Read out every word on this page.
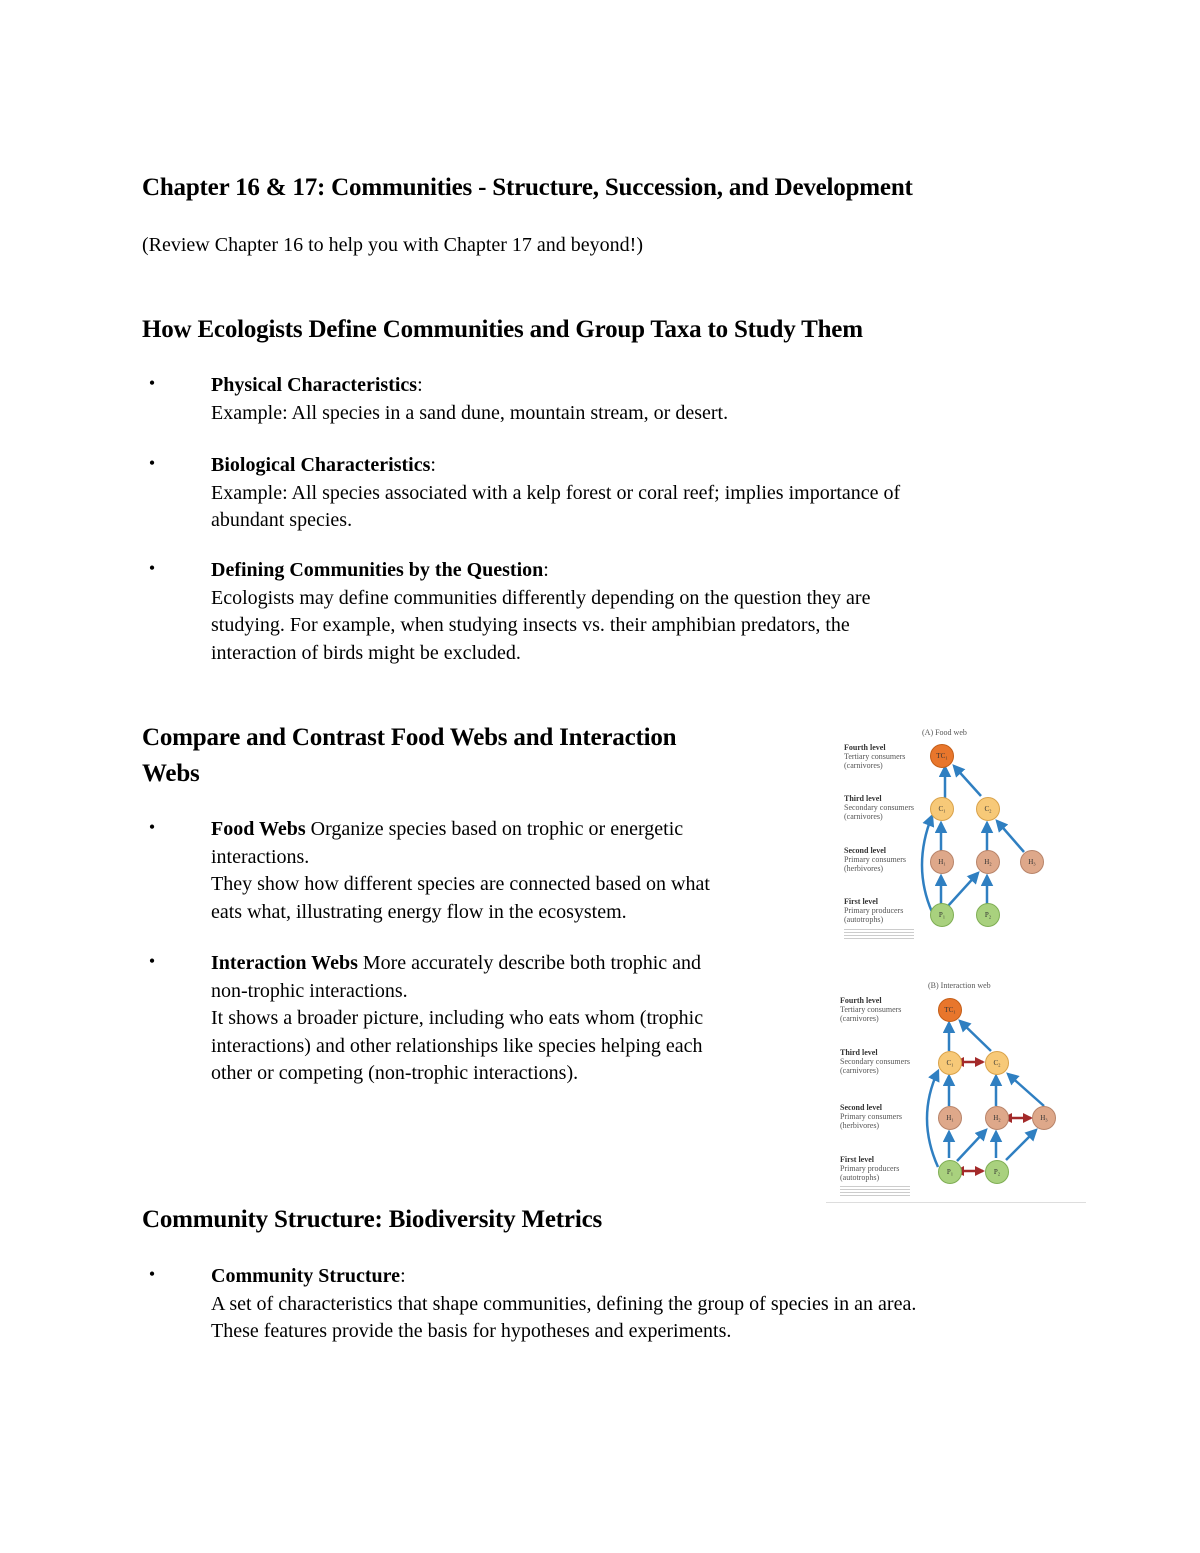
Chapter 16 & 17: Communities - Structure, Succession, and Development
(Review Chapter 16 to help you with Chapter 17 and beyond!)
How Ecologists Define Communities and Group Taxa to Study Them
•	Physical Characteristics:
Example: All species in a sand dune, mountain stream, or desert.
•	Biological Characteristics:
Example: All species associated with a kelp forest or coral reef; implies importance of
abundant species.
•	Defining Communities by the Question:
Ecologists may define communities differently depending on the question they are
studying. For example, when studying insects vs. their amphibian predators, the
interaction of birds might be excluded.
Compare and Contrast Food Webs and Interaction
Webs
•	Food Webs Organize species based on trophic or energetic
interactions.
They show how different species are connected based on what
eats what, illustrating energy flow in the ecosystem.
•	Interaction Webs More accurately describe both trophic and
non-trophic interactions.
It shows a broader picture, including who eats whom (trophic
interactions) and other relationships like species helping each
other or competing (non-trophic interactions).
(A) Food web
Fourth level
Tertiary consumers
(carnivores)
Third level
Secondary consumers
(carnivores)
Second level
Primary consumers
(herbivores)
First level
Primary producers
(autotrophs)
TC₁
C₁	C₂
H₁	H₂	H₃
P₁	P₂
(B) Interaction web
Fourth level
Tertiary consumers
(carnivores)
Third level
Secondary consumers
(carnivores)
Second level
Primary consumers
(herbivores)
First level
Primary producers
(autotrophs)
TC₁
C₁	C₂
H₁	H₂	H₃
P₁	P₂
Community Structure: Biodiversity Metrics
•	Community Structure:
A set of characteristics that shape communities, defining the group of species in an area.
These features provide the basis for hypotheses and experiments.
